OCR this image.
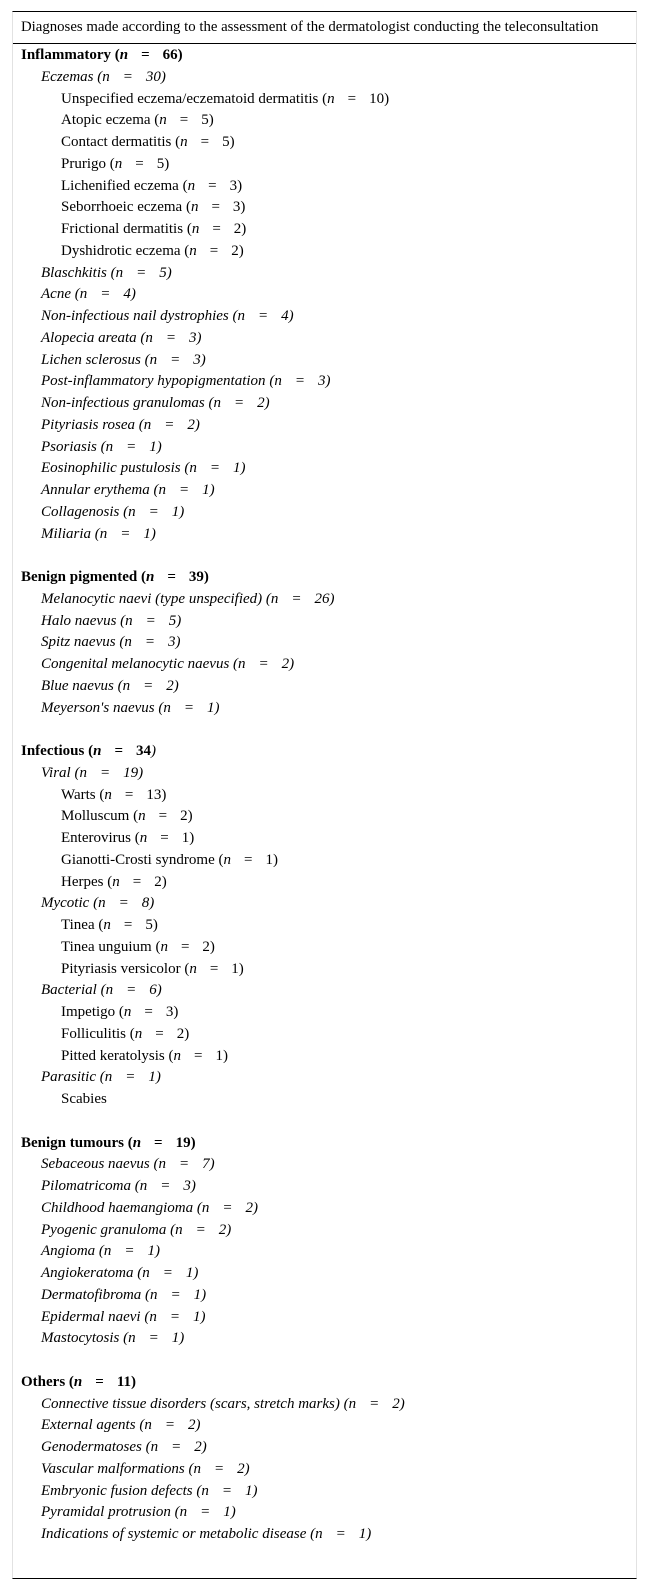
Diagnoses made according to the assessment of the dermatologist conducting the teleconsultation
Inflammatory (n = 66)
Eczemas (n = 30)
Unspecified eczema/eczematoid dermatitis (n = 10)
Atopic eczema (n = 5)
Contact dermatitis (n = 5)
Prurigo (n = 5)
Lichenified eczema (n = 3)
Seborrhoeic eczema (n = 3)
Frictional dermatitis (n = 2)
Dyshidrotic eczema (n = 2)
Blaschkitis (n = 5)
Acne (n = 4)
Non-infectious nail dystrophies (n = 4)
Alopecia areata (n = 3)
Lichen sclerosus (n = 3)
Post-inflammatory hypopigmentation (n = 3)
Non-infectious granulomas (n = 2)
Pityriasis rosea (n = 2)
Psoriasis (n = 1)
Eosinophilic pustulosis (n = 1)
Annular erythema (n = 1)
Collagenosis (n = 1)
Miliaria (n = 1)
Benign pigmented (n = 39)
Melanocytic naevi (type unspecified) (n = 26)
Halo naevus (n = 5)
Spitz naevus (n = 3)
Congenital melanocytic naevus (n = 2)
Blue naevus (n = 2)
Meyerson's naevus (n = 1)
Infectious (n = 34)
Viral (n = 19)
Warts (n = 13)
Molluscum (n = 2)
Enterovirus (n = 1)
Gianotti-Crosti syndrome (n = 1)
Herpes (n = 2)
Mycotic (n = 8)
Tinea (n = 5)
Tinea unguium (n = 2)
Pityriasis versicolor (n = 1)
Bacterial (n = 6)
Impetigo (n = 3)
Folliculitis (n = 2)
Pitted keratolysis (n = 1)
Parasitic (n = 1)
Scabies
Benign tumours (n = 19)
Sebaceous naevus (n = 7)
Pilomatricoma (n = 3)
Childhood haemangioma (n = 2)
Pyogenic granuloma (n = 2)
Angioma (n = 1)
Angiokeratoma (n = 1)
Dermatofibroma (n = 1)
Epidermal naevi (n = 1)
Mastocytosis (n = 1)
Others (n = 11)
Connective tissue disorders (scars, stretch marks) (n = 2)
External agents (n = 2)
Genodermatoses (n = 2)
Vascular malformations (n = 2)
Embryonic fusion defects (n = 1)
Pyramidal protrusion (n = 1)
Indications of systemic or metabolic disease (n = 1)
